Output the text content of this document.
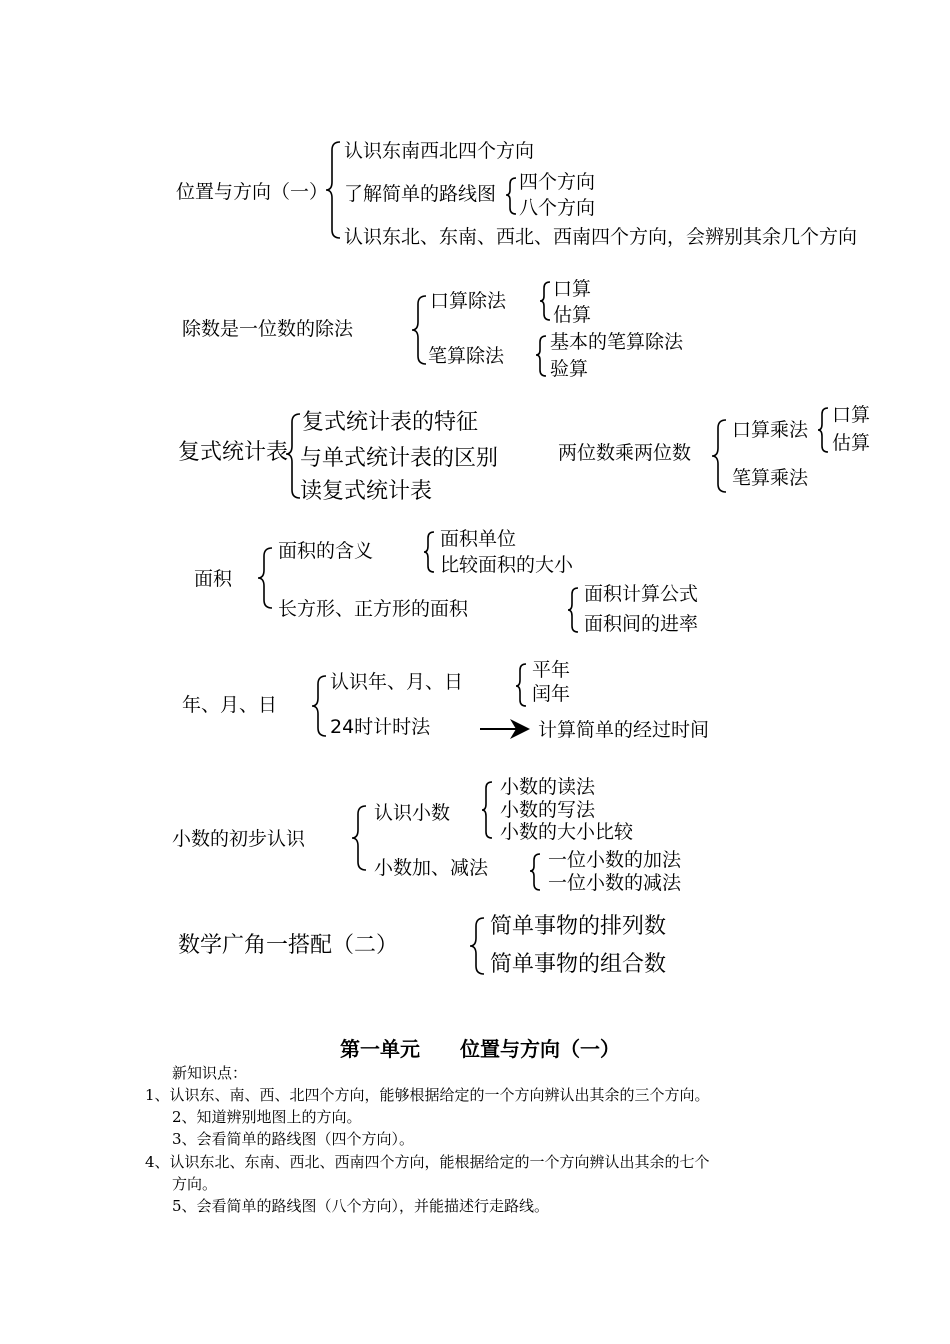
位置与方向（一）
认识东南西北四个方向
了解简单的路线图
四个方向
八个方向
认识东北、东南、西北、西南四个方向，会辨别其余几个方向
除数是一位数的除法
口算除法
口算
估算
笔算除法
基本的笔算除法
验算
复式统计表
复式统计表的特征
与单式统计表的区别
读复式统计表
两位数乘两位数
口算乘法
口算
估算
笔算乘法
面积
面积的含义
面积单位
比较面积的大小
长方形、正方形的面积
面积计算公式
面积间的进率
年、月、日
认识年、月、日
平年
闰年
24时计时法	计算简单的经过时间
小数的初步认识
认识小数
小数的读法
小数的写法
小数的大小比较
小数加、减法	一位小数的加法
一位小数的减法
数学广角一搭配（二）
简单事物的排列数
简单事物的组合数
第一单元　　位置与方向（一）
新知识点：
1、认识东、南、西、北四个方向，能够根据给定的一个方向辨认出其余的三个方向。
2、知道辨别地图上的方向。
3、会看简单的路线图（四个方向）。
4、认识东北、东南、西北、西南四个方向，能根据给定的一个方向辨认出其余的七个
方向。
5、会看简单的路线图（八个方向），并能描述行走路线。
